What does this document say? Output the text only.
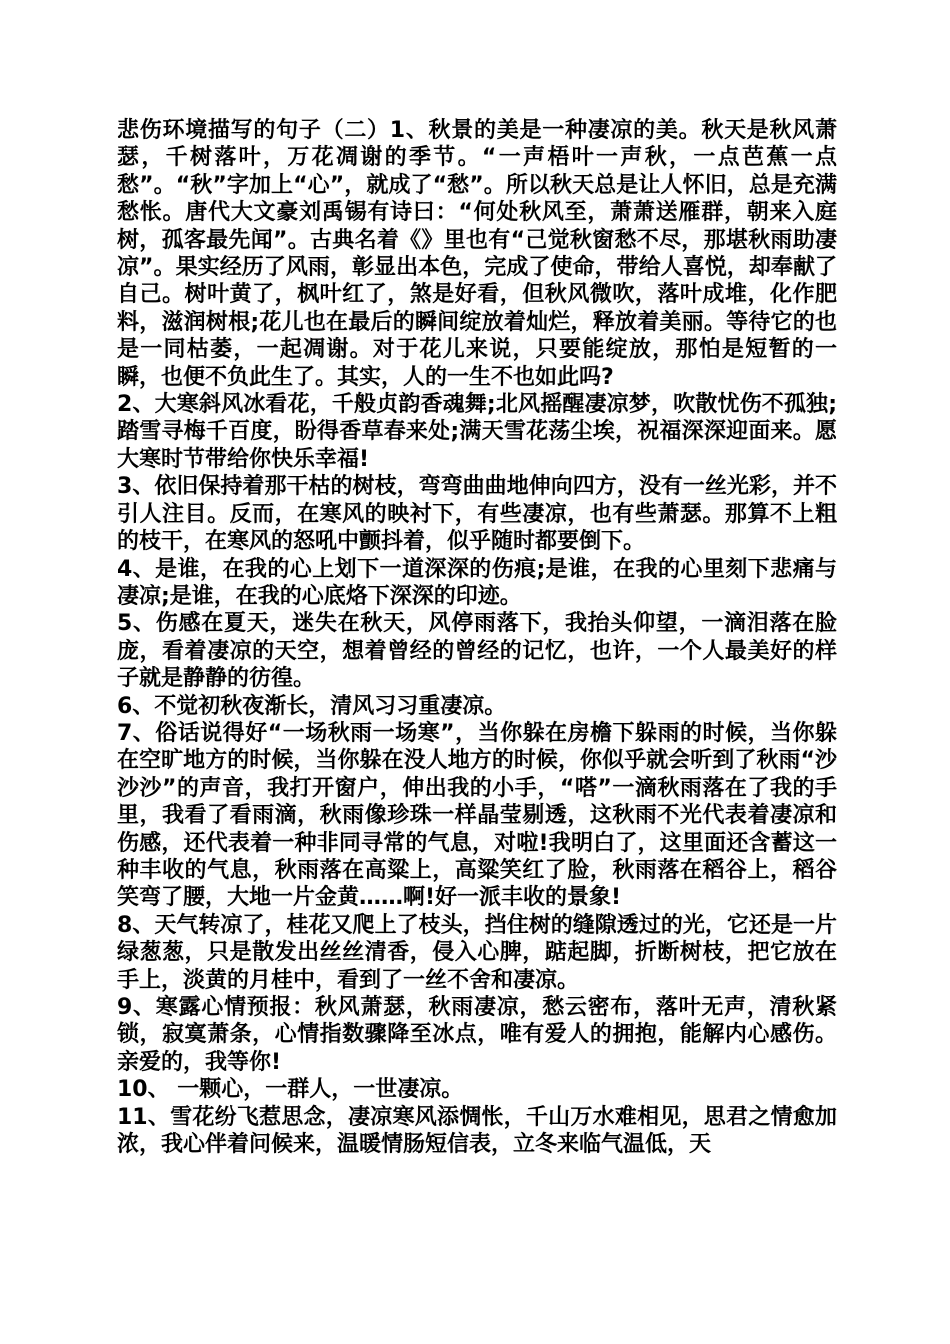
悲伤环境描写的句子（二）1、秋景的美是一种凄凉的美。秋天是秋风萧瑟，千树落叶，万花凋谢的季节。“一声梧叶一声秋，一点芭蕉一点愁”。“秋”字加上“心”，就成了“愁”。所以秋天总是让人怀旧，总是充满愁怅。唐代大文豪刘禹锡有诗曰：“何处秋风至，萧萧送雁群，朝来入庭树，孤客最先闻”。古典名着《》里也有“己觉秋窗愁不尽，那堪秋雨助凄凉”。果实经历了风雨，彰显出本色，完成了使命，带给人喜悦，却奉献了自己。树叶黄了，枫叶红了，煞是好看，但秋风微吹，落叶成堆，化作肥料，滋润树根;花儿也在最后的瞬间绽放着灿烂，释放着美丽。等待它的也是一同枯萎，一起凋谢。对于花儿来说，只要能绽放，那怕是短暂的一瞬，也便不负此生了。其实，人的一生不也如此吗?

2、大寒斜风冰看花，千般贞韵香魂舞;北风摇醒凄凉梦，吹散忧伤不孤独;踏雪寻梅千百度，盼得香草春来处;满天雪花荡尘埃，祝福深深迎面来。愿大寒时节带给你快乐幸福!

3、依旧保持着那干枯的树枝，弯弯曲曲地伸向四方，没有一丝光彩，并不引人注目。反而，在寒风的映衬下，有些凄凉，也有些萧瑟。那算不上粗的枝干，在寒风的怒吼中颤抖着，似乎随时都要倒下。

4、是谁，在我的心上划下一道深深的伤痕;是谁，在我的心里刻下悲痛与凄凉;是谁，在我的心底烙下深深的印迹。

5、伤感在夏天，迷失在秋天，风停雨落下，我抬头仰望，一滴泪落在脸庞，看着凄凉的天空，想着曾经的曾经的记忆，也许，一个人最美好的样子就是静静的彷徨。

6、不觉初秋夜渐长，清风习习重凄凉。

7、俗话说得好“一场秋雨一场寒”，当你躲在房檐下躲雨的时候，当你躲在空旷地方的时候，当你躲在没人地方的时候，你似乎就会听到了秋雨“沙沙沙”的声音，我打开窗户，伸出我的小手，“嗒”一滴秋雨落在了我的手里，我看了看雨滴，秋雨像珍珠一样晶莹剔透，这秋雨不光代表着凄凉和伤感，还代表着一种非同寻常的气息，对啦!我明白了，这里面还含蓄这一种丰收的气息，秋雨落在高粱上，高粱笑红了脸，秋雨落在稻谷上，稻谷笑弯了腰，大地一片金黄……啊!好一派丰收的景象!

8、天气转凉了，桂花又爬上了枝头，挡住树的缝隙透过的光，它还是一片绿葱葱，只是散发出丝丝清香，侵入心脾，踮起脚，折断树枝，把它放在手上，淡黄的月桂中，看到了一丝不舍和凄凉。

9、寒露心情预报：秋风萧瑟，秋雨凄凉，愁云密布，落叶无声，清秋紧锁，寂寞萧条，心情指数骤降至冰点，唯有爱人的拥抱，能解内心感伤。亲爱的，我等你!

10、 一颗心，一群人，一世凄凉。

11、雪花纷飞惹思念，凄凉寒风添惆怅，千山万水难相见，思君之情愈加浓，我心伴着问候来，温暖情肠短信表，立冬来临气温低，天
